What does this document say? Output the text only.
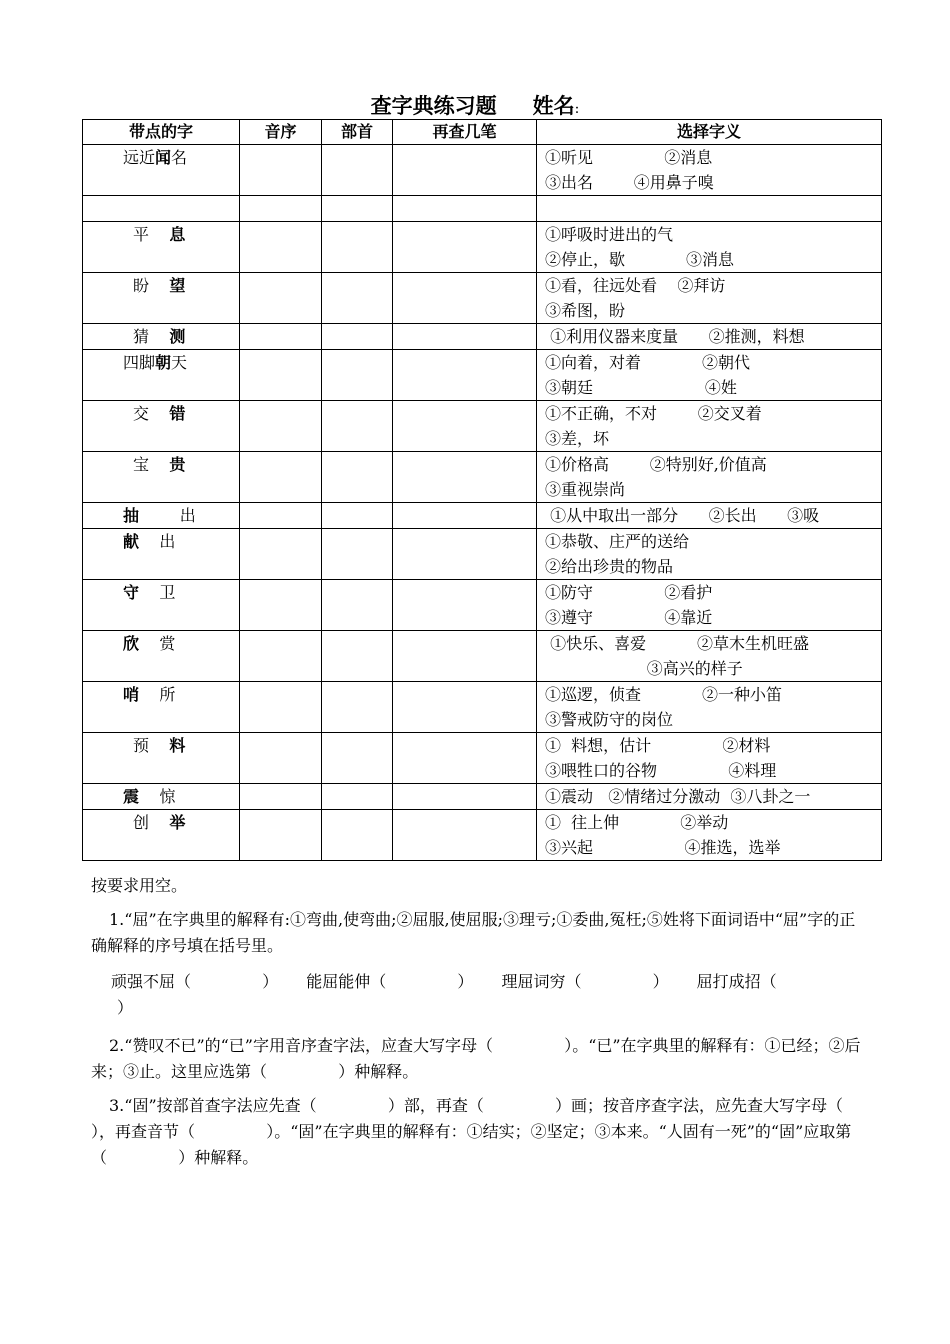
查字典练习题 姓名:
带点的字	音序	部首	再查几笔	选择字义
远近闻名				①听见              ②消息
③出名        ④用鼻子嗅

平    息				①呼吸时进出的气
②停止，歇            ③消息

盼    望				①看，往远处看    ②拜访
③希图，盼

猜    测				①利用仪器来度量      ②推测，料想

四脚朝天				①向着，对着            ②朝代
③朝廷                      ④姓

交    错				①不正确，不对        ②交叉着
③差，坏

宝    贵				①价格高        ②特别好,价值高
③重视崇尚

抽        出				①从中取出一部分      ②长出      ③吸

献    出				①恭敬、庄严的送给
②给出珍贵的物品

守    卫				①防守              ②看护
③遵守              ④靠近

欣    赏				①快乐、喜爱          ②草木生机旺盛
③高兴的样子

哨    所				①巡逻，侦查            ②一种小笛
③警戒防守的岗位

预    料				①  料想，估计              ②材料
③喂牲口的谷物              ④料理

震    惊				①震动   ②情绪过分激动  ③八卦之一

创    举				①  往上伸            ②举动
③兴起                  ④推选，选举

按要求用空。

1.“屈”在字典里的解释有:①弯曲,使弯曲;②屈服,使屈服;③理亏;①委曲,冤枉;⑤姓将下面词语中“屈”字的正确解释的序号填在括号里。

顽强不屈（              ） 能屈能伸（              ） 理屈词穷（              ） 屈打成招（
）

2.“赞叹不已”的“已”字用音序查字法，应查大写字母（              ）。“已”在字典里的解释有：①已经；②后来；③止。这里应选第（              ）种解释。

3.“固”按部首查字法应先查（              ）部，再查（              ）画；按音序查字法，应先查大写字母（              ），再查音节（              ）。“固”在字典里的解释有：①结实；②坚定；③本来。“人固有一死”的“固”应取第（              ）种解释。
